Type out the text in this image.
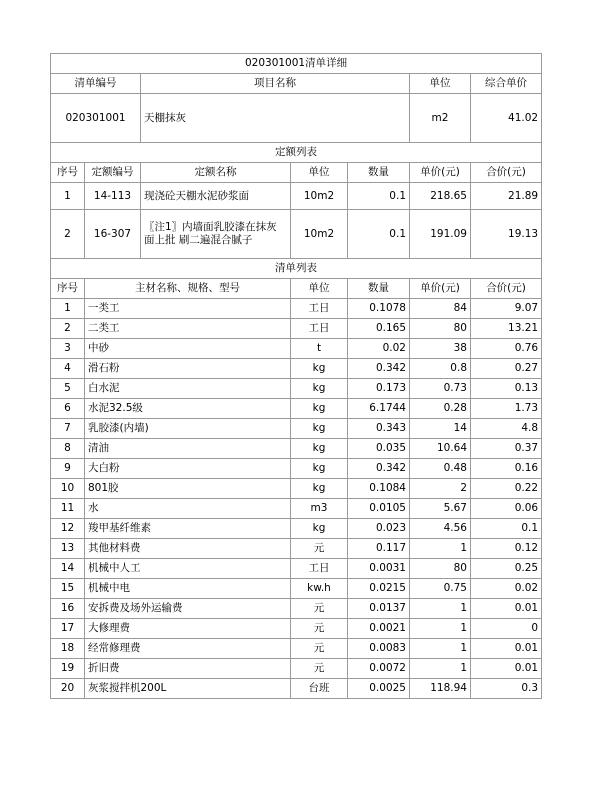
020301001清单详细						
清单编号		项目名称			单位	综合单价
020301001		天棚抹灰			m2	41.02
定额列表						
序号	定额编号	定额名称	单位	数量	单价(元)	合价(元)
1	14-113	现浇砼天棚水泥砂浆面	10m2	0.1	218.65	21.89
2	16-307	〖注1〗内墙面乳胶漆在抹灰面上批 刷二遍混合腻子	10m2	0.1	191.09	19.13
清单列表						
序号	主材名称、规格、型号		单位	数量	单价(元)	合价(元)
1	一类工		工日	0.1078	84	9.07
2	二类工		工日	0.165	80	13.21
3	中砂		t	0.02	38	0.76
4	滑石粉		kg	0.342	0.8	0.27
5	白水泥		kg	0.173	0.73	0.13
6	水泥32.5级		kg	6.1744	0.28	1.73
7	乳胶漆(内墙)		kg	0.343	14	4.8
8	清油		kg	0.035	10.64	0.37
9	大白粉		kg	0.342	0.48	0.16
10	801胶		kg	0.1084	2	0.22
11	水		m3	0.0105	5.67	0.06
12	羧甲基纤维素		kg	0.023	4.56	0.1
13	其他材料费		元	0.117	1	0.12
14	机械中人工		工日	0.0031	80	0.25
15	机械中电		kw.h	0.0215	0.75	0.02
16	安拆费及场外运输费		元	0.0137	1	0.01
17	大修理费		元	0.0021	1	0
18	经常修理费		元	0.0083	1	0.01
19	折旧费		元	0.0072	1	0.01
20	灰浆搅拌机200L		台班	0.0025	118.94	0.3
